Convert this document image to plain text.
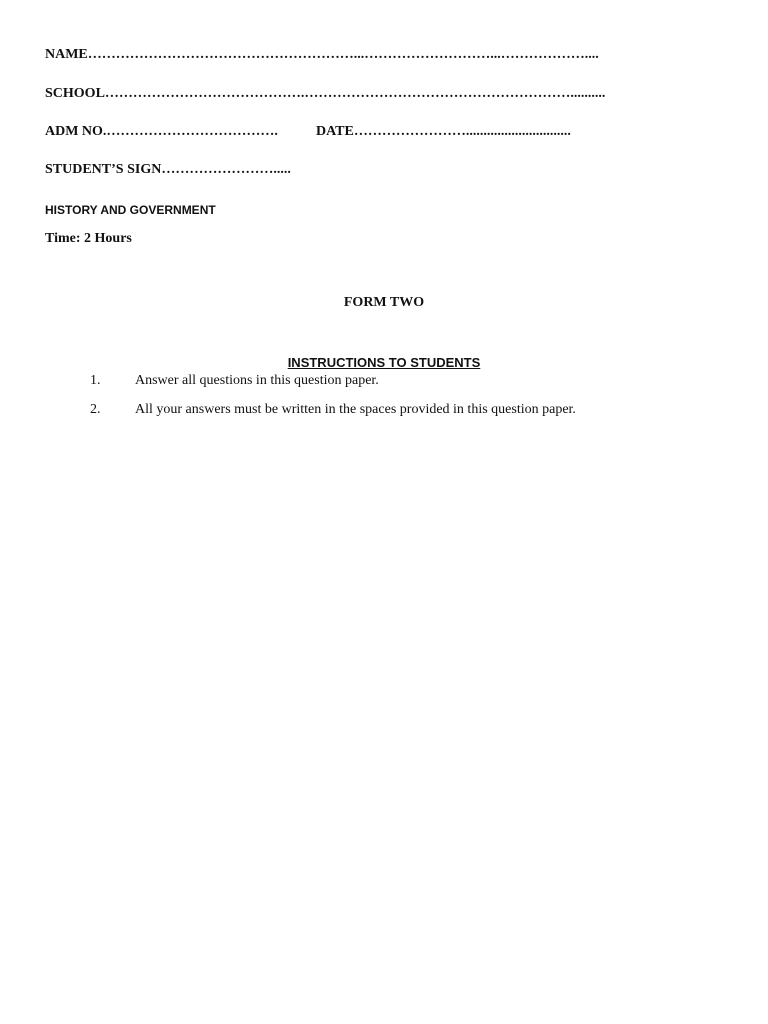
NAME…………………………………………………...………………………...………………....
SCHOOL…………………………………….…………………………………………………..........
ADM NO.……………………………….	DATE……………………..............................
STUDENT’S SIGN…………………….....
HISTORY AND GOVERNMENT
Time: 2 Hours
FORM TWO
INSTRUCTIONS TO STUDENTS
1. Answer all questions in this question paper.
2. All your answers must be written in the spaces provided in this question paper.
